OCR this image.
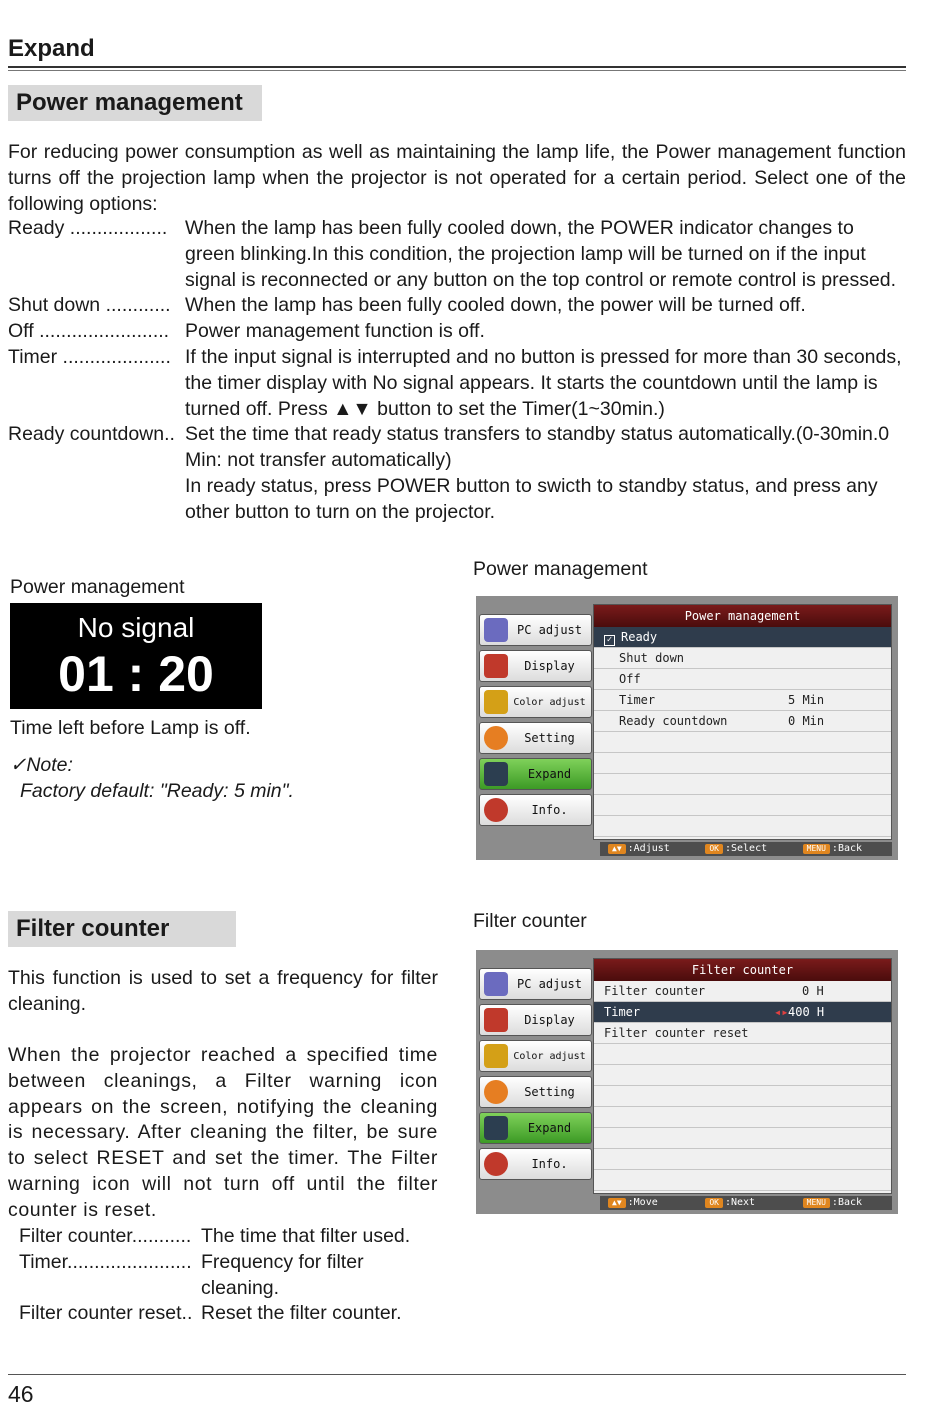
Expand
Power management
For reducing power consumption as well as maintaining the lamp life, the Power management function turns off the projection lamp when the projector is not operated for a certain period. Select one of the following options:
Ready .................. When the lamp has been fully cooled down, the POWER indicator changes to green blinking.In this condition, the projection lamp will be turned on if the input signal is reconnected or any button on the top control or remote control is pressed.
Shut down ............ When the lamp has been fully cooled down, the power will be turned off.
Off ........................ Power management function is off.
Timer .................... If the input signal is interrupted and no button is pressed for more than 30 seconds, the timer display with No signal appears. It starts the countdown until the lamp is turned off. Press ▲▼ button to set the Timer(1~30min.)
Ready countdown.. Set the time that ready status transfers to standby status automatically.(0-30min.0 Min: not transfer automatically)
In ready status, press POWER button to swicth to standby status, and press any other button to turn on the projector.
Power management
No signal
01 : 20
Time left before Lamp is off.
✓Note:
Factory default: "Ready: 5 min".
Power management
PC adjust
Display
Color adjust
Setting
Expand
Info.
Power management
✓ Ready
Shut down
Off
Timer	5 Min
Ready countdown	0 Min
▲▼ :Adjust	OK :Select	MENU :Back
Filter counter
This function is used to set a frequency for filter cleaning.
When the projector reached a specified time between cleanings, a Filter warning icon appears on the screen, notifying the cleaning is necessary. After cleaning the filter, be sure to select RESET and set the timer. The Filter warning icon will not turn off until the filter counter is reset.
Filter counter........... The time that filter used.
Timer....................... Frequency for filter cleaning.
Filter counter reset.. Reset the filter counter.
Filter counter
PC adjust
Display
Color adjust
Setting
Expand
Info.
Filter counter
Filter counter	0 H
Timer	◂▸ 400 H
Filter counter reset
▲▼ :Move	OK :Next	MENU :Back
46
